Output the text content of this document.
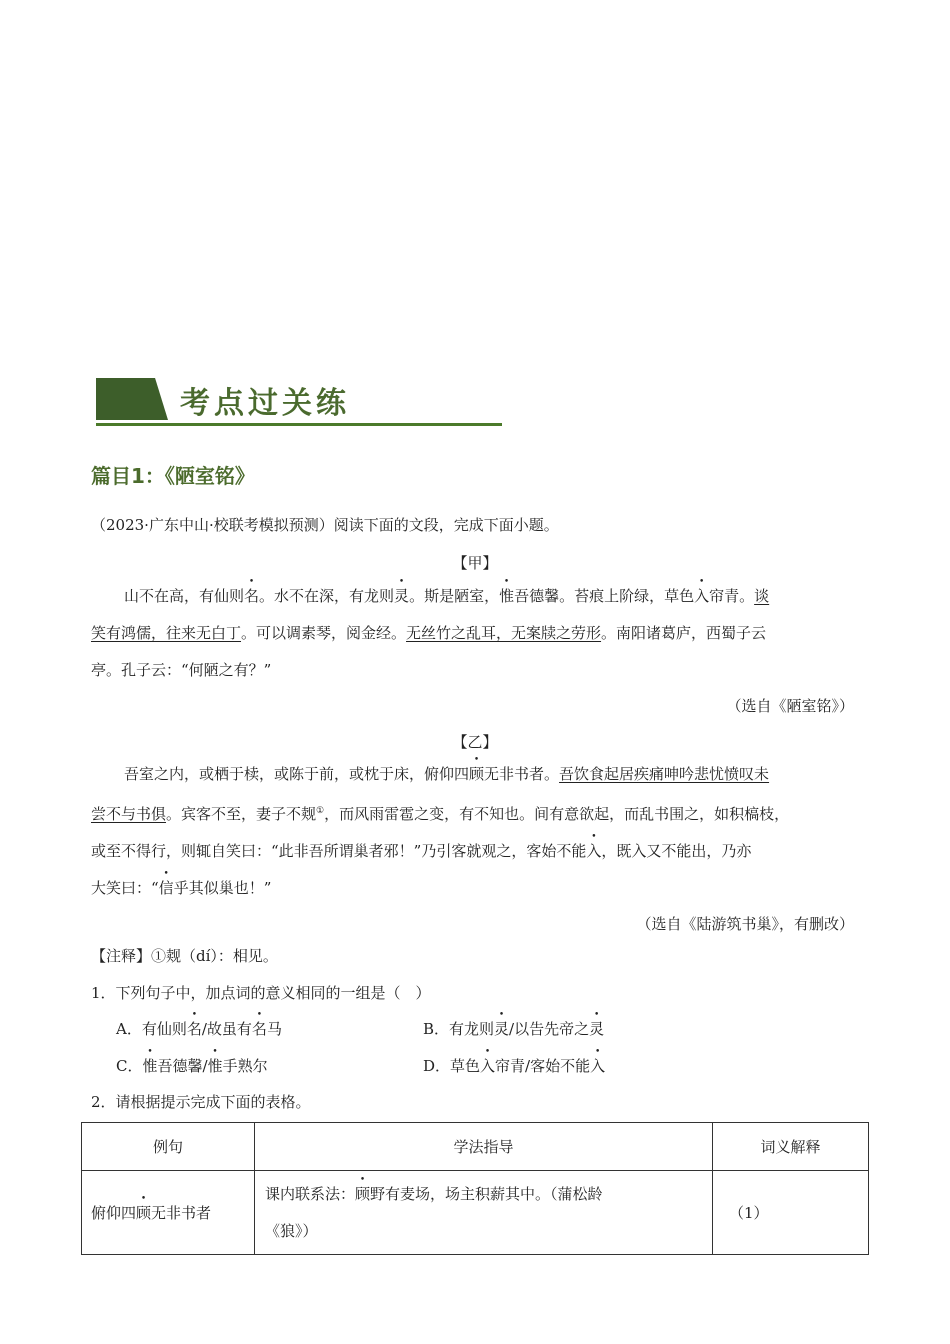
考点过关练
篇目1：《陋室铭》
（2023·广东中山·校联考模拟预测）阅读下面的文段，完成下面小题。
【甲】
山不在高，有仙则名。水不在深，有龙则灵。斯是陋室，惟吾德馨。苔痕上阶绿，草色入帘青。谈
笑有鸿儒，往来无白丁。可以调素琴，阅金经。无丝竹之乱耳，无案牍之劳形。南阳诸葛庐，西蜀子云
亭。孔子云：“何陋之有？”
（选自《陋室铭》）
【乙】
吾室之内，或栖于椟，或陈于前，或枕于床，俯仰四顾无非书者。吾饮食起居疾痛呻吟悲忧愤叹未
尝不与书俱。宾客不至，妻子不觌①，而风雨雷雹之变，有不知也。间有意欲起，而乱书围之，如积槁枝，
或至不得行，则辄自笑曰：“此非吾所谓巢者邪！”乃引客就观之，客始不能入，既入又不能出，乃亦
大笑曰：“信乎其似巢也！”
（选自《陆游筑书巢》，有删改）
【注释】①觌（dí）：相见。
1．下列句子中，加点词的意义相同的一组是（　）
A．有仙则名/故虽有名马	B．有龙则灵/以告先帝之灵
C．惟吾德馨/惟手熟尔	D．草色入帘青/客始不能入
2．请根据提示完成下面的表格。
例句	学法指导	词义解释
俯仰四顾无非书者	课内联系法：顾野有麦场，场主积薪其中。（蒲松龄
《狼》）	（1）
